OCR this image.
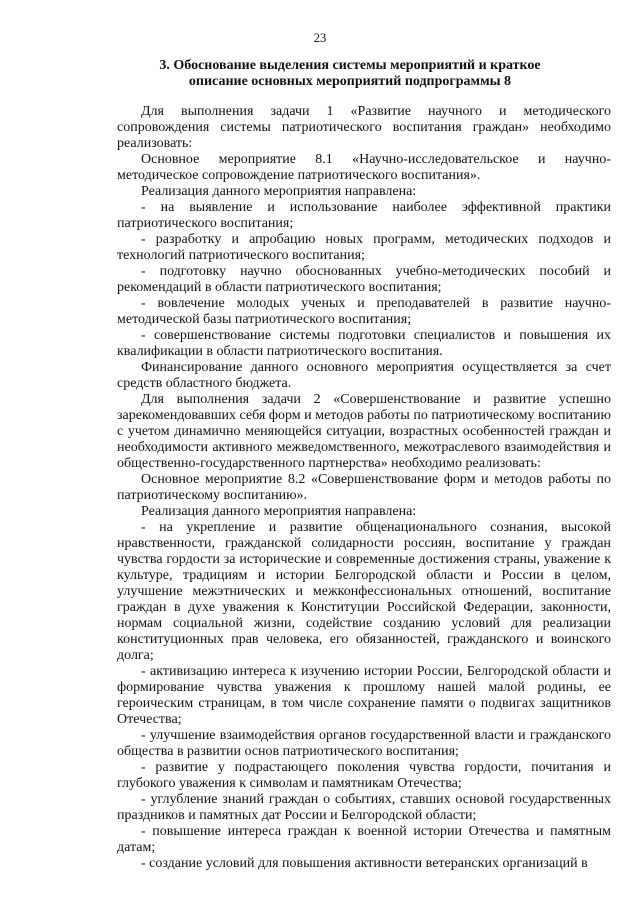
23
3. Обоснование выделения системы мероприятий и краткое
описание основных мероприятий подпрограммы 8

Для выполнения задачи 1 «Развитие научного и методического сопровождения системы патриотического воспитания граждан» необходимо реализовать:

Основное мероприятие 8.1 «Научно-исследовательское и научно-методическое сопровождение патриотического воспитания».

Реализация данного мероприятия направлена:

- на выявление и использование наиболее эффективной практики патриотического воспитания;

- разработку и апробацию новых программ, методических подходов и технологий патриотического воспитания;

- подготовку научно обоснованных учебно-методических пособий и рекомендаций в области патриотического воспитания;

- вовлечение молодых ученых и преподавателей в развитие научно-методической базы патриотического воспитания;

- совершенствование системы подготовки специалистов и повышения их квалификации в области патриотического воспитания.

Финансирование данного основного мероприятия осуществляется за счет средств областного бюджета.

Для выполнения задачи 2 «Совершенствование и развитие успешно зарекомендовавших себя форм и методов работы по патриотическому воспитанию с учетом динамично меняющейся ситуации, возрастных особенностей граждан и необходимости активного межведомственного, межотраслевого взаимодействия и общественно-государственного партнерства» необходимо реализовать:

Основное мероприятие 8.2 «Совершенствование форм и методов работы по патриотическому воспитанию».

Реализация данного мероприятия направлена:

- на укрепление и развитие общенационального сознания, высокой нравственности, гражданской солидарности россиян, воспитание у граждан чувства гордости за исторические и современные достижения страны, уважение к культуре, традициям и истории Белгородской области и России в целом, улучшение межэтнических и межконфессиональных отношений, воспитание граждан в духе уважения к Конституции Российской Федерации, законности, нормам социальной жизни, содействие созданию условий для реализации конституционных прав человека, его обязанностей, гражданского и воинского долга;

- активизацию интереса к изучению истории России, Белгородской области и формирование чувства уважения к прошлому нашей малой родины, ее героическим страницам, в том числе сохранение памяти о подвигах защитников Отечества;

- улучшение взаимодействия органов государственной власти и гражданского общества в развитии основ патриотического воспитания;

- развитие у подрастающего поколения чувства гордости, почитания и глубокого уважения к символам и памятникам Отечества;

- углубление знаний граждан о событиях, ставших основой государственных праздников и памятных дат России и Белгородской области;

- повышение интереса граждан к военной истории Отечества и памятным датам;

- создание условий для повышения активности ветеранских организаций в
